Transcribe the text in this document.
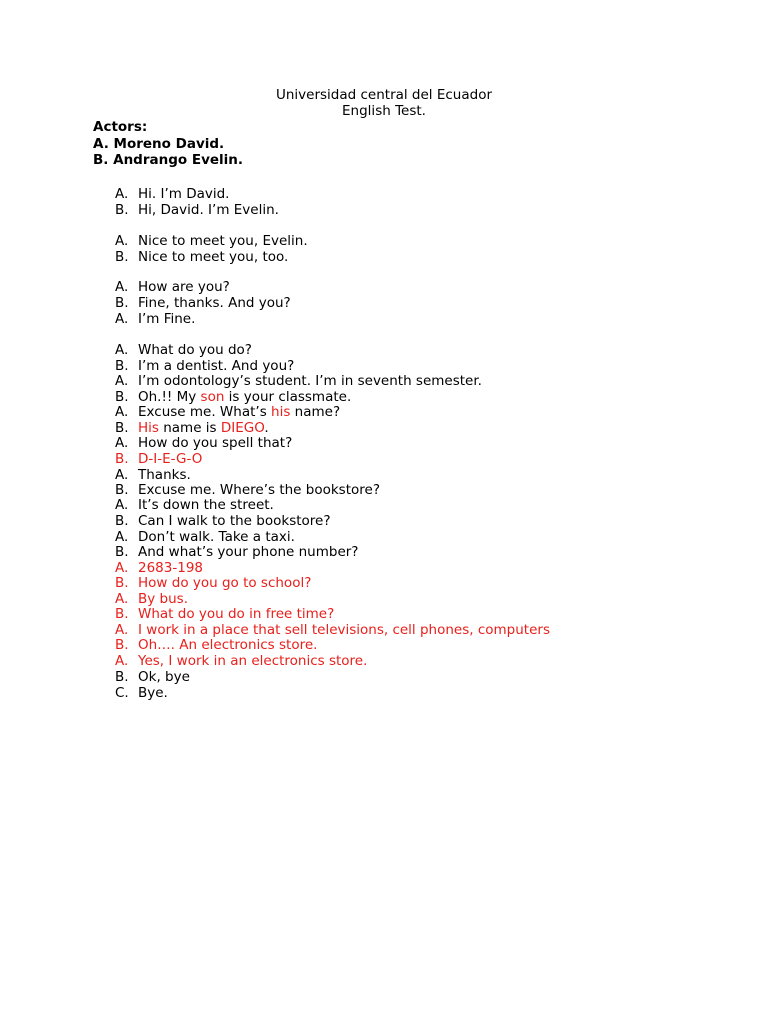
Universidad central del Ecuador
English Test.
Actors:
A. Moreno David.
B. Andrango Evelin.
A. Hi. I’m David.
B. Hi, David. I’m Evelin.
A. Nice to meet you, Evelin.
B. Nice to meet you, too.
A. How are you?
B. Fine, thanks. And you?
A. I’m Fine.
A. What do you do?
B. I’m a dentist. And you?
A. I’m odontology’s student. I’m in seventh semester.
B. Oh.!! My son is your classmate.
A. Excuse me. What’s his name?
B. His name is DIEGO.
A. How do you spell that?
B. D-I-E-G-O
A. Thanks.
B. Excuse me. Where’s the bookstore?
A. It’s down the street.
B. Can I walk to the bookstore?
A. Don’t walk. Take a taxi.
B. And what’s your phone number?
A. 2683-198
B. How do you go to school?
A. By bus.
B. What do you do in free time?
A. I work in a place that sell televisions, cell phones, computers
B. Oh…. An electronics store.
A. Yes, I work in an electronics store.
B. Ok, bye
C. Bye.
